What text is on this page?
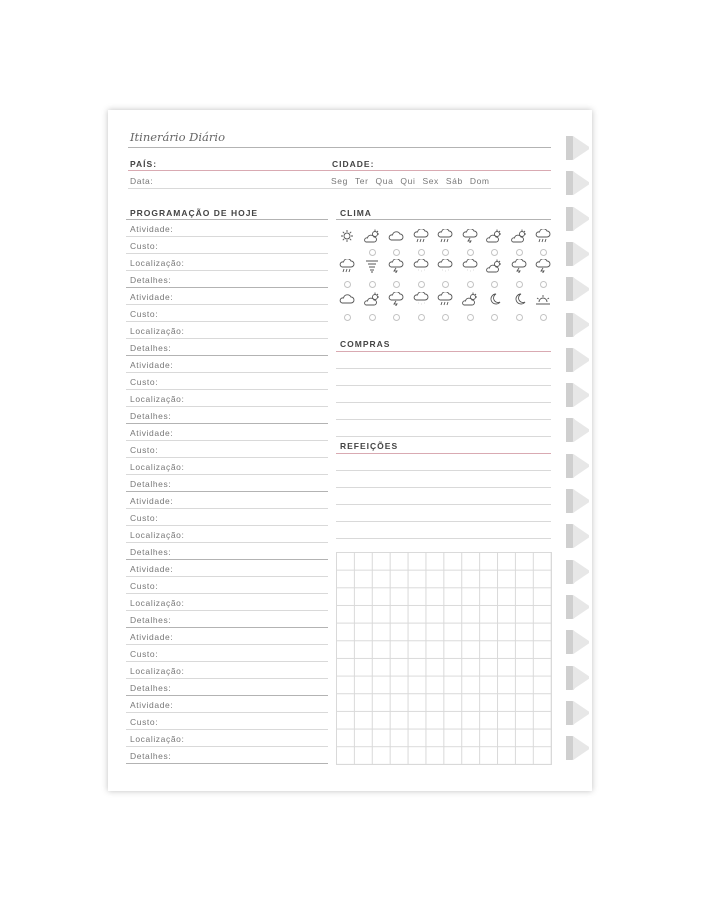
Itinerário Diário
PAÍS:	CIDADE:
Data:	Seg Ter Qua Qui Sex Sáb Dom
PROGRAMAÇÃO DE HOJE
Atividade:
Custo:
Localização:
Detalhes:
Atividade:
Custo:
Localização:
Detalhes:
Atividade:
Custo:
Localização:
Detalhes:
Atividade:
Custo:
Localização:
Detalhes:
Atividade:
Custo:
Localização:
Detalhes:
Atividade:
Custo:
Localização:
Detalhes:
Atividade:
Custo:
Localização:
Detalhes:
Atividade:
Custo:
Localização:
Detalhes:
CLIMA
COMPRAS
REFEIÇÕES
